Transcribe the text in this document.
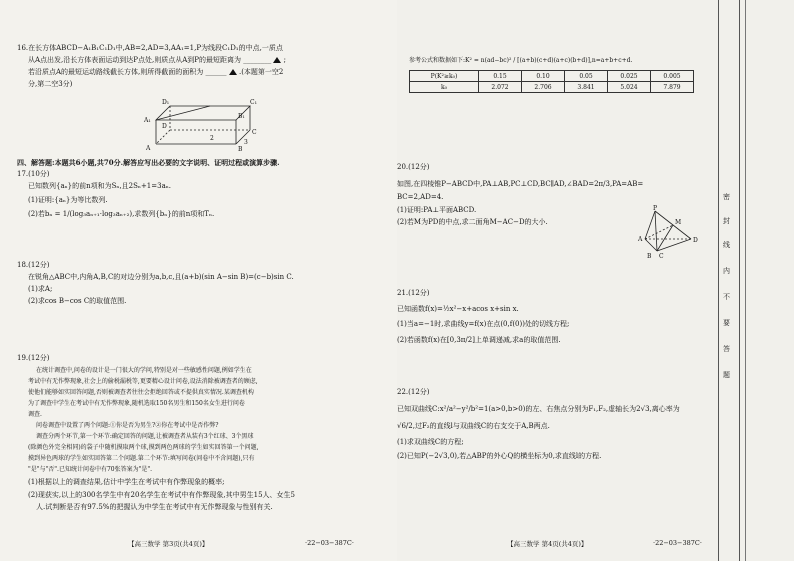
16.在长方体ABCD−A₁B₁C₁D₁中,AB=2,AD=3,AA₁=1,P为线段C₁D₁的中点,一质点
从A点出发,沿长方体表面运动到达P点处,则质点从A到P的最短距离为 ________  ;
若沿质点A的最短运动路线截长方体,则所得截面的面积为 ______  .(本题第一空2
分,第二空3分)
D₁	C₁
A₁
B₁
D
C
A	B
2
3
四、解答题:本题共6小题,共70分.解答应写出必要的文字说明、证明过程或演算步骤.
17.(10分)
已知数列{aₙ}的前n项和为Sₙ,且2Sₙ+1=3aₙ.
(1)证明:{aₙ}为等比数列.
(2)若bₙ = 1/(log₃aₙ₊₁·log₃aₙ₊₂),求数列{bₙ}的前n项和Tₙ.
18.(12分)
在锐角△ABC中,内角A,B,C的对边分别为a,b,c,且(a+b)(sin A−sin B)=(c−b)sin C.
(1)求A;
(2)求cos B−cos C的取值范围.
19.(12分)
在统计调查中,问卷的设计是一门很大的学问,特别是对一些敏感性问题,例如学生在
考试中有无作弊现象,社会上的偷税漏税等,更要精心设计问卷,设法消除被调查者的顾虑,
使他们能够如实回答问题,否则被调查者往往会拒绝回答或不提供真实情况.某调查机构
为了调查中学生在考试中有无作弊现象,随机选取150名男生和150名女生进行问卷
调查.
问卷调查中设置了两个问题:①你是否为男生?②你在考试中是否作弊?
调查分两个环节,第一个环节:确定回答的问题,让被调查者从装有3个红球、3个黑球
(除颜色外完全相同)的袋子中随机摸取两个球,摸到两色两球的学生如实回答第一个问题,
摸到异色两球的学生如实回答第二个问题.第二个环节:填写问卷(问卷中不含问题),只有
"是"与"否".已知统计问卷中有70张答案为"是".
(1)根据以上的调查结果,估计中学生在考试中有作弊现象的概率;
(2)现获实,以上的300名学生中有20名学生在考试中有作弊现象,其中男生15人、女生5
人.试判断是否有97.5%的把握认为中学生在考试中有无作弊现象与性别有关.
【高三数学 第3页(共4页)】	·22−03−387C·
参考公式和数据如下:K² = n(ad−bc)² / [(a+b)(c+d)(a+c)(b+d)],n=a+b+c+d.
P(K²≥k₀)	0.15	0.10	0.05	0.025	0.005
k₀	2.072	2.706	3.841	5.024	7.879
20.(12分)
如图,在四棱锥P−ABCD中,PA⊥AB,PC⊥CD,BC∥AD,∠BAD=2π/3,PA=AB=
BC=2,AD=4.
(1)证明:PA⊥平面ABCD.
(2)若M为PD的中点,求二面角M−AC−D的大小.
P
M
A
B C
D
21.(12分)
已知函数f(x)=½x²−x+acos x+sin x.
(1)当a=−1时,求曲线y=f(x)在点(0,f(0))处的切线方程;
(2)若函数f(x)在[0,3π/2]上单调递减,求a的取值范围.
22.(12分)
已知双曲线C:x²/a²−y²/b²=1(a>0,b>0)的左、右焦点分别为F₁,F₂,虚轴长为2√3,离心率为
√6/2,过F₂的直线l与双曲线C的右支交于A,B两点.
(1)求双曲线C的方程;
(2)已知P(−2√3,0),若△ABP的外心Q的横坐标为0,求直线l的方程.
【高三数学 第4页(共4页)】	·22−03−387C·
密
封
线
内
不
要
答
题
